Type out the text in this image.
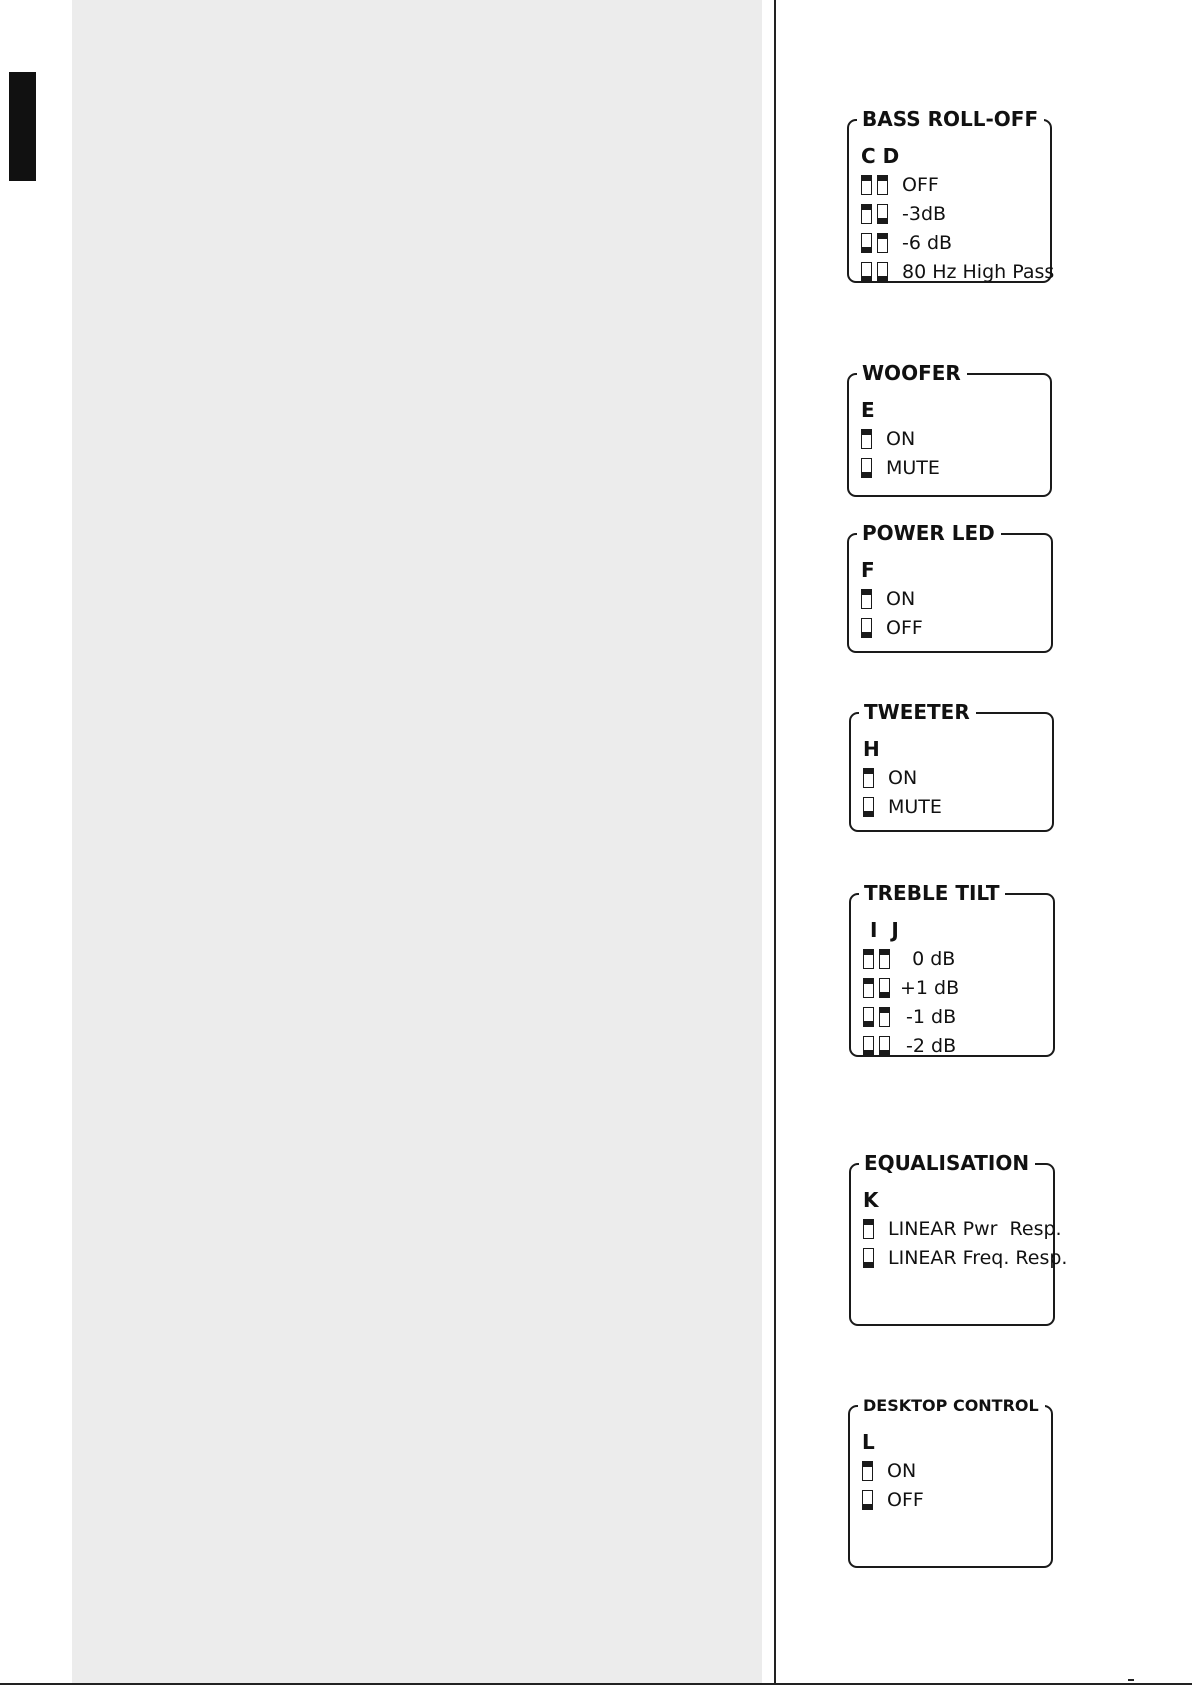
BASS ROLL-OFF
C D
OFF
-3dB
-6 dB
80 Hz High Pass
WOOFER
E
ON
MUTE
POWER LED
F
ON
OFF
TWEETER
H
ON
MUTE
TREBLE TILT
I  J
0 dB
+1 dB
-1 dB
-2 dB
EQUALISATION
K
LINEAR Pwr  Resp.
LINEAR Freq. Resp.
DESKTOP CONTROL
L
ON
OFF
